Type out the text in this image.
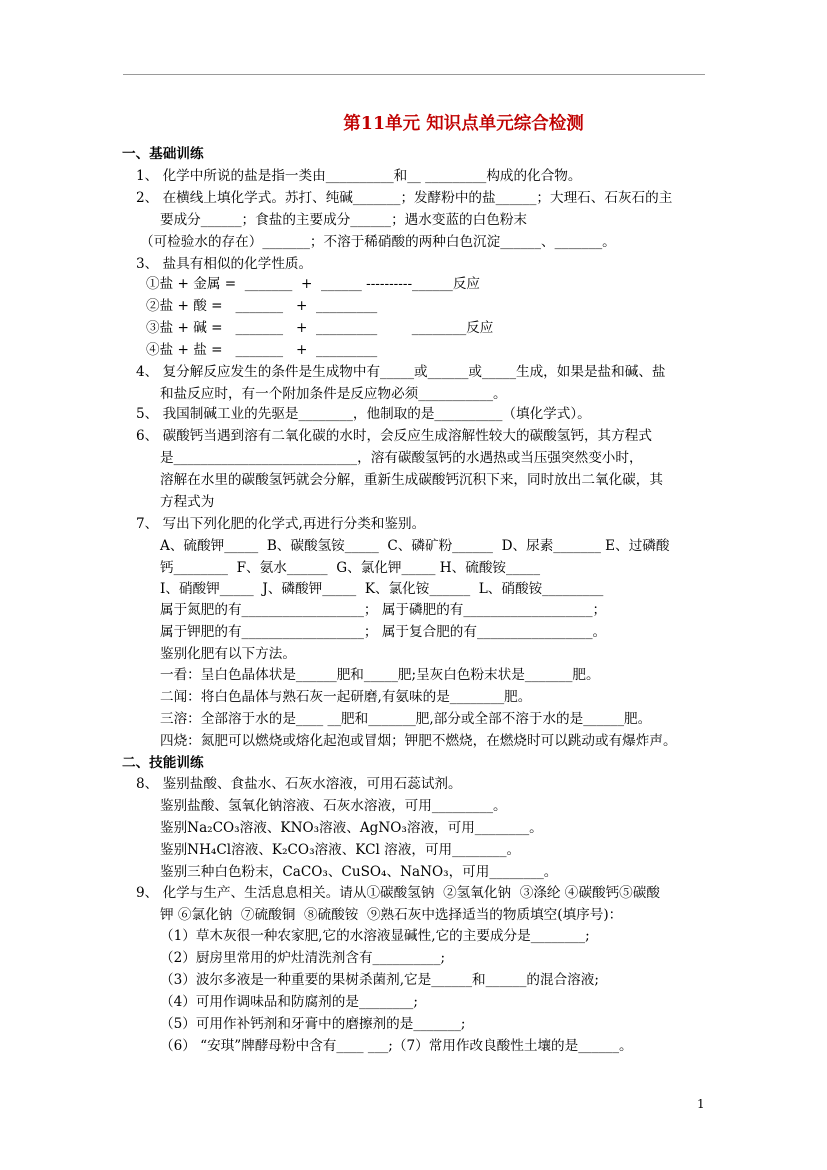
第11单元 知识点单元综合检测
一、基础训练
1、 化学中所说的盐是指一类由__________和__ _________构成的化合物。
2、 在横线上填化学式。苏打、纯碱_______；发酵粉中的盐______；大理石、石灰石的主
要成分______；食盐的主要成分______；遇水变蓝的白色粉末
（可检验水的存在）_______；不溶于稀硝酸的两种白色沉淀______、_______。
3、 盐具有相似的化学性质。
①盐 + 金属 =  _______  +  ______ ----------______反应
②盐 + 酸 =   _______   +  _________
③盐 + 碱 =   _______   +  _________        ________反应
④盐 + 盐 =   _______   +  _________
4、 复分解反应发生的条件是生成物中有_____或______或_____生成，如果是盐和碱、盐
和盐反应时，有一个附加条件是反应物必须___________。
5、 我国制碱工业的先驱是________，他制取的是__________（填化学式）。
6、 碳酸钙当遇到溶有二氧化碳的水时，会反应生成溶解性较大的碳酸氢钙，其方程式
是___________________________，溶有碳酸氢钙的水遇热或当压强突然变小时，
溶解在水里的碳酸氢钙就会分解，重新生成碳酸钙沉积下来，同时放出二氧化碳，其
方程式为
7、 写出下列化肥的化学式,再进行分类和鉴别。
A、硫酸钾_____  B、碳酸氢铵_____  C、磷矿粉______  D、尿素_______ E、过磷酸
钙________  F、氨水______  G、氯化钾_____ H、硫酸铵_____
I、硝酸钾_____  J、磷酸钾_____  K、氯化铵______  L、硝酸铵_________
属于氮肥的有__________________； 属于磷肥的有___________________；
属于钾肥的有__________________； 属于复合肥的有_________________。
鉴别化肥有以下方法。
一看：呈白色晶体状是______肥和_____肥;呈灰白色粉末状是_______肥。
二闻：将白色晶体与熟石灰一起研磨,有氨味的是________肥。
三溶：全部溶于水的是____ __肥和_______肥,部分或全部不溶于水的是______肥。
四烧：氮肥可以燃烧或熔化起泡或冒烟；钾肥不燃烧，在燃烧时可以跳动或有爆炸声。
二、技能训练
8、 鉴别盐酸、食盐水、石灰水溶液，可用石蕊试剂。
鉴别盐酸、氢氧化钠溶液、石灰水溶液，可用_________。
鉴别Na₂CO₃溶液、KNO₃溶液、AgNO₃溶液，可用________。
鉴别NH₄Cl溶液、K₂CO₃溶液、KCl 溶液，可用________。
鉴别三种白色粉末，CaCO₃、CuSO₄、NaNO₃，可用________。
9、 化学与生产、生活息息相关。请从①碳酸氢钠  ②氢氧化钠  ③涤纶 ④碳酸钙⑤碳酸
钾 ⑥氯化钠  ⑦硫酸铜  ⑧硫酸铵  ⑨熟石灰中选择适当的物质填空(填序号)：
（1）草木灰很一种农家肥,它的水溶液显碱性,它的主要成分是________;
（2）厨房里常用的炉灶清洗剂含有__________;
（3）波尔多液是一种重要的果树杀菌剂,它是______和______的混合溶液;
（4）可用作调味品和防腐剂的是________;
（5）可用作补钙剂和牙膏中的磨擦剂的是_______;
（6） “安琪”牌酵母粉中含有____ ___;（7）常用作改良酸性土壤的是______。
1
